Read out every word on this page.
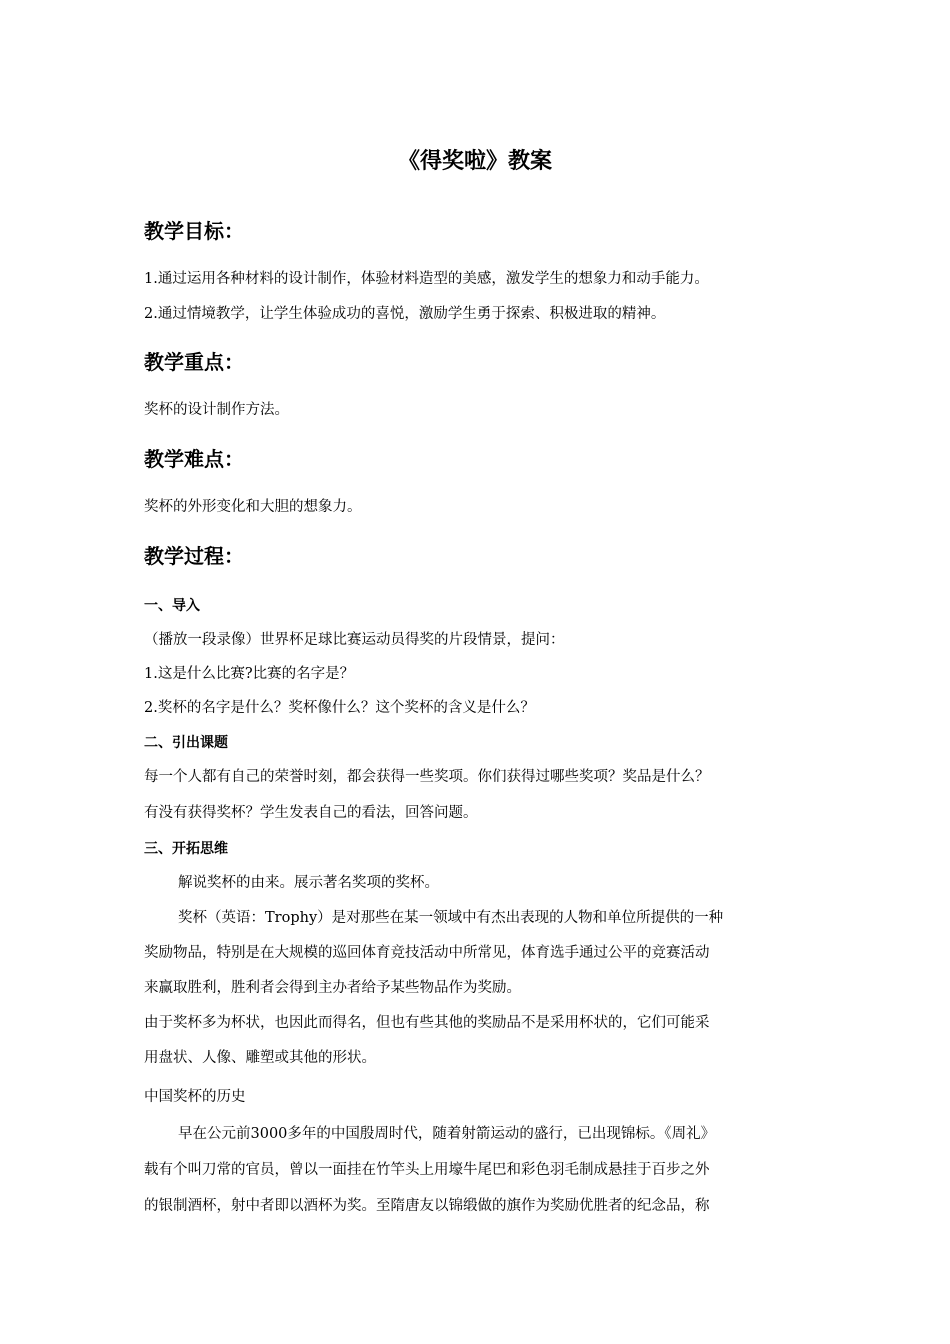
《得奖啦》教案
教学目标：
1.通过运用各种材料的设计制作，体验材料造型的美感，激发学生的想象力和动手能力。
2.通过情境教学，让学生体验成功的喜悦，激励学生勇于探索、积极进取的精神。
教学重点：
奖杯的设计制作方法。
教学难点：
奖杯的外形变化和大胆的想象力。
教学过程：
一、导入
（播放一段录像）世界杯足球比赛运动员得奖的片段情景，提问：
1.这是什么比赛?比赛的名字是？
2.奖杯的名字是什么？奖杯像什么？这个奖杯的含义是什么？
二、引出课题
每一个人都有自己的荣誉时刻，都会获得一些奖项。你们获得过哪些奖项？奖品是什么？
有没有获得奖杯？学生发表自己的看法，回答问题。
三、开拓思维
解说奖杯的由来。展示著名奖项的奖杯。
奖杯（英语：Trophy）是对那些在某一领域中有杰出表现的人物和单位所提供的一种
奖励物品，特别是在大规模的巡回体育竞技活动中所常见，体育选手通过公平的竞赛活动
来赢取胜利，胜利者会得到主办者给予某些物品作为奖励。
由于奖杯多为杯状，也因此而得名，但也有些其他的奖励品不是采用杯状的，它们可能采
用盘状、人像、雕塑或其他的形状。
中国奖杯的历史
早在公元前3000多年的中国殷周时代，随着射箭运动的盛行，已出现锦标。《周礼》
载有个叫刀常的官员，曾以一面挂在竹竿头上用壕牛尾巴和彩色羽毛制成悬挂于百步之外
的银制酒杯，射中者即以酒杯为奖。至隋唐友以锦缎做的旗作为奖励优胜者的纪念品，称
